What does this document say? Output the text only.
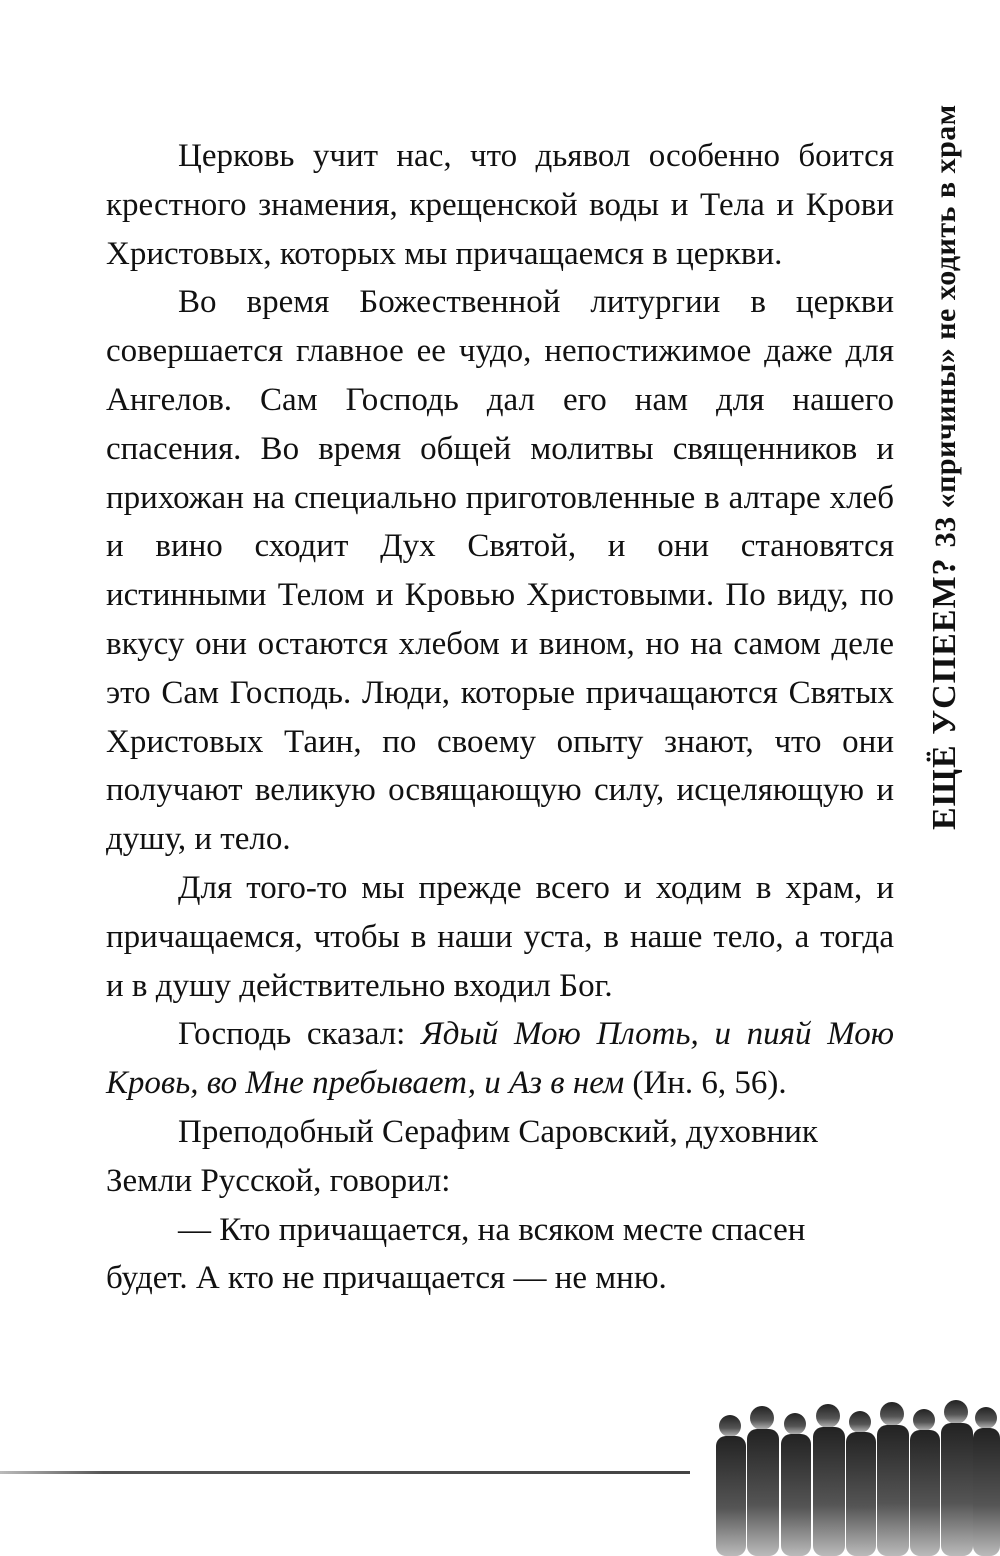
Церковь учит нас, что дьявол особенно боится крестного знамения, крещенской воды и Тела и Крови Христовых, которых мы причащаемся в церкви.

Во время Божественной литургии в церкви совершается главное ее чудо, непостижимое даже для Ангелов. Сам Господь дал его нам для нашего спасения. Во время общей молитвы священников и прихожан на специально приготовленные в алтаре хлеб и вино сходит Дух Святой, и они становятся истинными Телом и Кровью Христовыми. По виду, по вкусу они остаются хлебом и вином, но на самом деле это Сам Господь. Люди, которые причащаются Святых Христовых Таин, по своему опыту знают, что они получают великую освящающую силу, исцеляющую и душу, и тело.

Для того-то мы прежде всего и ходим в храм, и причащаемся, чтобы в наши уста, в наше тело, а тогда и в душу действительно входил Бог.

Господь сказал: Ядый Мою Плоть, и пияй Мою Кровь, во Мне пребывает, и Аз в нем (Ин. 6, 56).

Преподобный Серафим Саровский, духовник Земли Русской, говорил:

— Кто причащается, на всяком месте спасен будет. А кто не причащается — не мню.

ЕЩЁ УСПЕЕМ?
33 «причины» не ходить в храм
